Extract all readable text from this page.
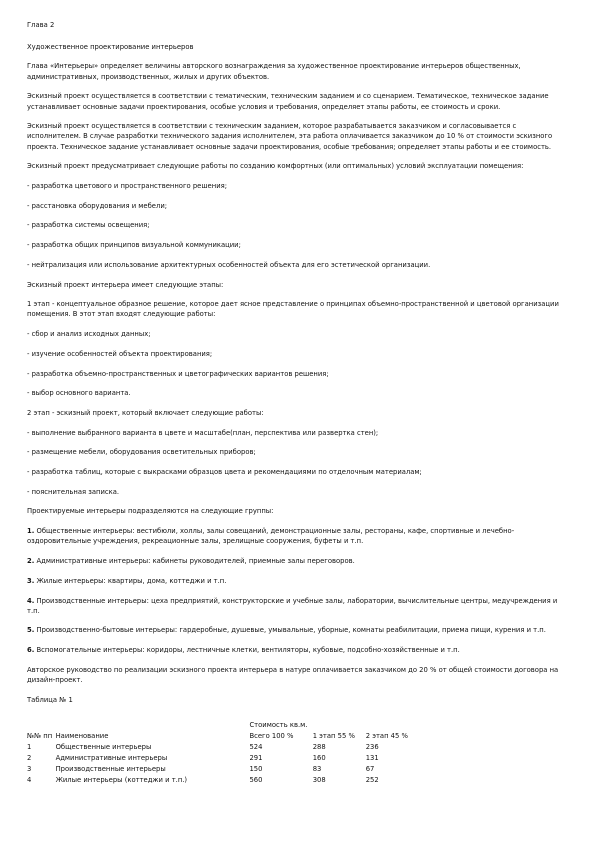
Глава 2

Художественное проектирование интерьеров

Глава «Интерьеры» определяет величины авторского вознаграждения за художественное проектирование интерьеров общественных, административных, производственных, жилых и других объектов.

Эскизный проект осуществляется в соответствии с тематическим, техническим заданием и со сценарием. Тематическое, техническое задание устанавливает основные задачи проектирования, особые условия и требования, определяет этапы работы, ее стоимость и сроки.

Эскизный проект осуществляется в соответствии с техническим заданием, которое разрабатывается заказчиком и согласовывается с исполнителем. В случае разработки технического задания исполнителем, эта работа оплачивается заказчиком до 10 % от стоимости эскизного проекта. Техническое задание устанавливает основные задачи проектирования, особые требования; определяет этапы работы и ее стоимость.

Эскизный проект предусматривает следующие работы по созданию комфортных (или оптимальных) условий эксплуатации помещения:

- разработка цветового и пространственного решения;

- расстановка оборудования и мебели;

- разработка системы освещения;

- разработка общих принципов визуальной коммуникации;

- нейтрализация или использование архитектурных особенностей объекта для его эстетической организации.

Эскизный проект интерьера имеет следующие этапы:

1 этап - концептуальное образное решение, которое дает ясное представление о принципах объемно-пространственной и цветовой организации помещения. В этот этап входят следующие работы:

- сбор и анализ исходных данных;

- изучение особенностей объекта проектирования;

- разработка объемно-пространственных и цветографических вариантов решения;

- выбор основного варианта.

2 этап - эскизный проект, который включает следующие работы:

- выполнение выбранного варианта в цвете и масштабе(план, перспектива или развертка стен);

- размещение мебели, оборудования осветительных приборов;

- разработка таблиц, которые с выкрасками образцов цвета и рекомендациями по отделочным материалам;

- пояснительная записка.

Проектируемые интерьеры подразделяются на следующие группы:

1. Общественные интерьеры: вестибюли, холлы, залы совещаний, демонстрационные залы, рестораны, кафе, спортивные и лечебно-оздоровительные учреждения, рекреационные залы, зрелищные сооружения, буфеты и т.п.

2. Административные интерьеры: кабинеты руководителей, приемные залы переговоров.

3. Жилые интерьеры: квартиры, дома, коттеджи и т.п.

4. Производственные интерьеры: цеха предприятий, конструкторские и учебные залы, лаборатории, вычислительные центры, медучреждения и т.п.

5. Производственно-бытовые интерьеры: гардеробные, душевые, умывальные, уборные, комнаты реабилитации, приема пищи, курения и т.п.

6. Вспомогательные интерьеры: коридоры, лестничные клетки, вентиляторы, кубовые, подсобно-хозяйственные и т.п.

Авторское руководство по реализации эскизного проекта интерьера в натуре оплачивается заказчиком до 20 % от общей стоимости договора на дизайн-проект.

Таблица № 1

		Стоимость кв.м.		
№№ пп	Наименование	Всего 100 %	1 этап 55 %	2 этап 45 %
1	Общественные интерьеры	524	288	236
2	Административные интерьеры	291	160	131
3	Производственные интерьеры	150	83	67
4	Жилые интерьеры (коттеджи и т.п.)	560	308	252
